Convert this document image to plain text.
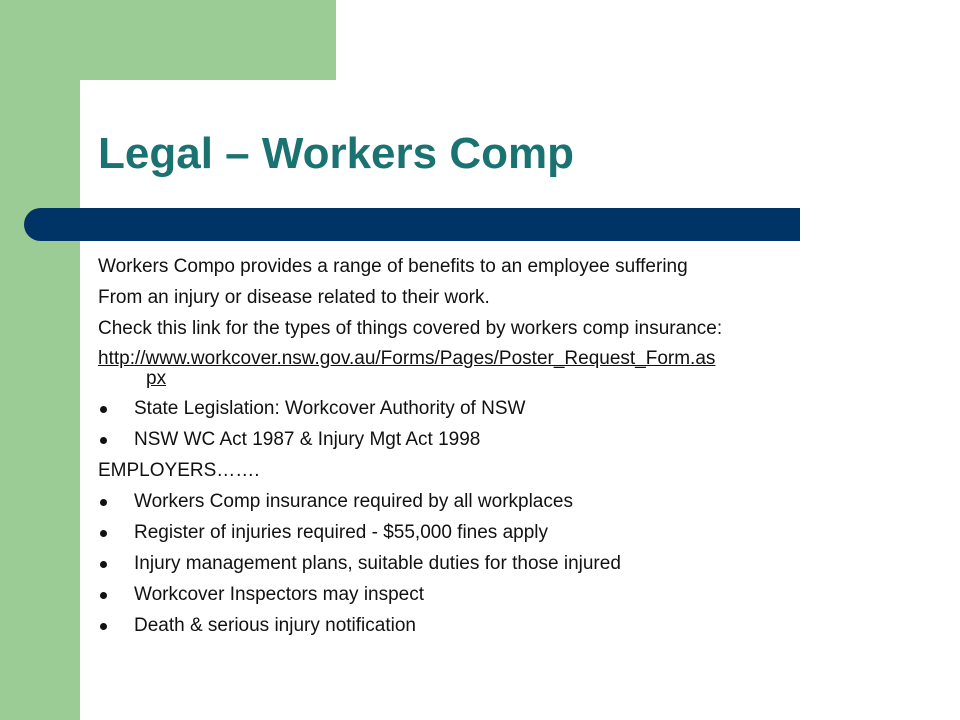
Legal – Workers Comp

Workers Compo provides a range of benefits to an employee suffering

From an injury or disease related to their work.

Check this link for the types of things covered by workers comp insurance:

http://www.workcover.nsw.gov.au/Forms/Pages/Poster_Request_Form.as
px

State Legislation: Workcover Authority of NSW

NSW WC Act 1987 & Injury Mgt Act 1998

EMPLOYERS…….

Workers Comp insurance required by all workplaces

Register of injuries required - $55,000 fines apply

Injury management plans, suitable duties for those injured

Workcover Inspectors may inspect

Death & serious injury notification
